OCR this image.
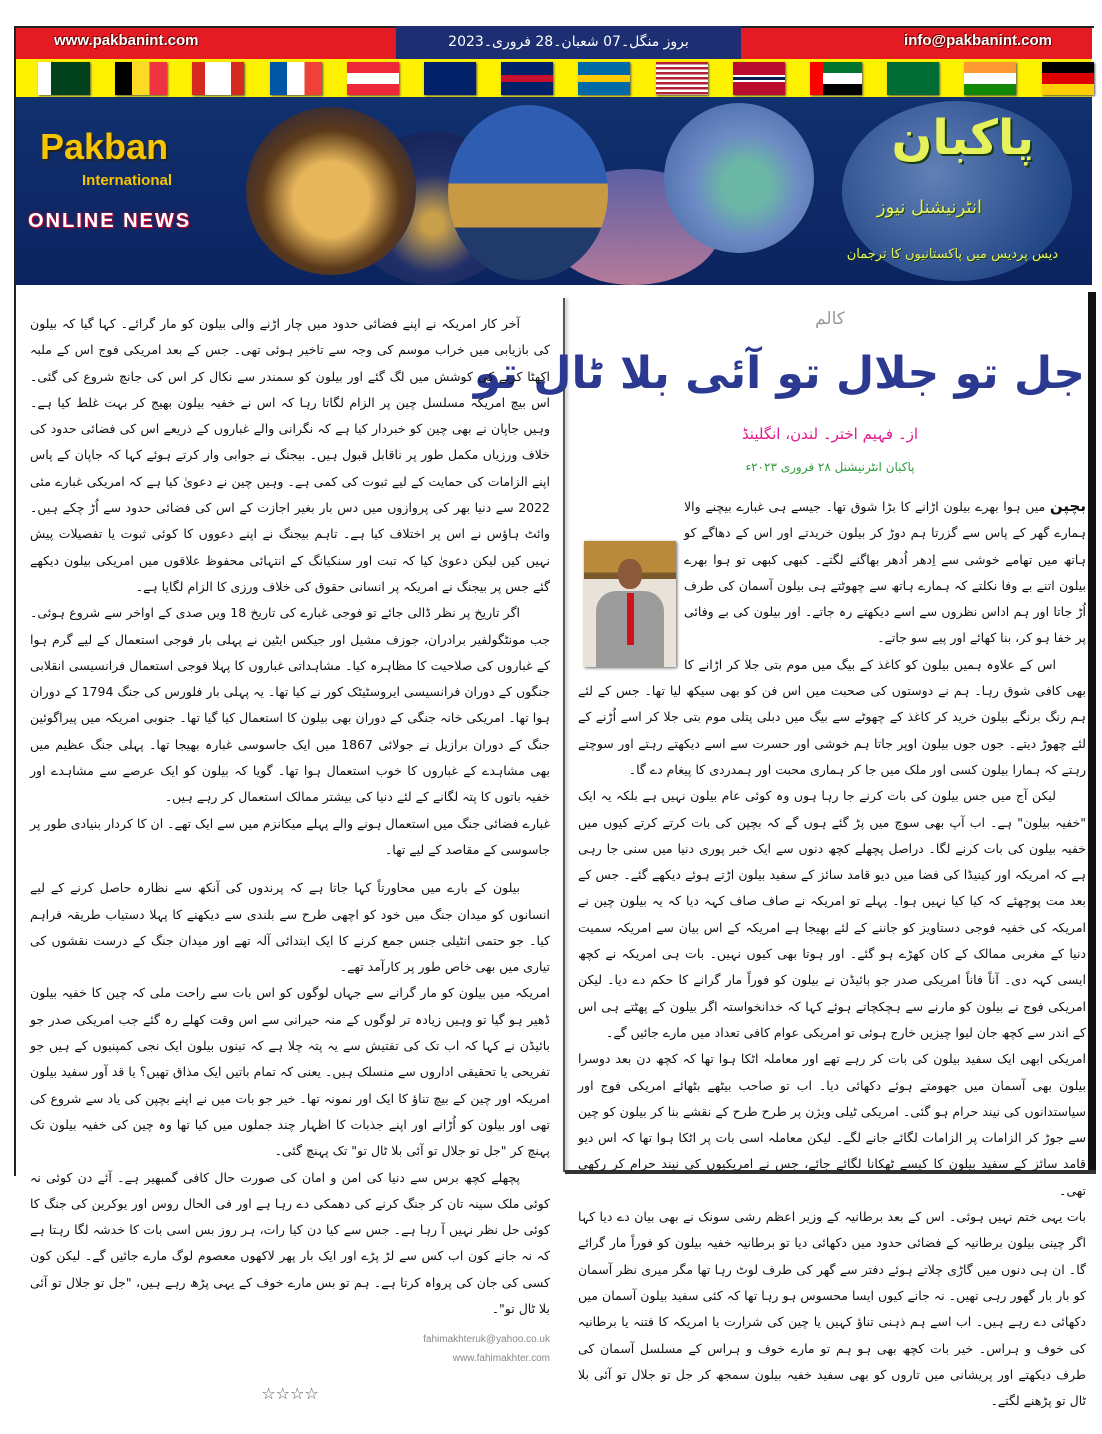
www.pakbanint.com	بروز منگل۔07 شعبان۔28 فروری۔2023	info@pakbanint.com
Pakban
International
ONLINE NEWS
پاکبان
انٹرنیشنل نیوز
دیس پردیس میں پاکستانیوں کا ترجمان
کالم
جل تو جلال تو آئی بلا ٹال تو
از۔ فہیم اختر۔ لندن، انگلینڈ
پاکبان انٹرنیشنل ۲۸ فروری ۲۰۲۳ء

بچپن میں ہوا بھرے بیلون اڑانے کا بڑا شوق تھا۔ جیسے ہی غبارے بیچنے والا ہمارے گھر کے پاس سے گزرتا ہم دوڑ کر بیلون خریدتے اور اس کے دھاگے کو ہاتھ میں تھامے خوشی سے اِدھر اُدھر بھاگنے لگتے۔ کبھی کبھی تو ہوا بھرے بیلون اتنے بے وفا نکلتے کہ ہمارے ہاتھ سے چھوٹتے ہی بیلون آسمان کی طرف اُڑ جاتا اور ہم اداس نظروں سے اسے دیکھتے رہ جاتے۔ اور بیلون کی بے وفائی پر خفا ہو کر، بنا کھائے اور پیے سو جاتے۔

اس کے علاوہ ہمیں بیلون کو کاغذ کے بیگ میں موم بتی جلا کر اڑانے کا بھی کافی شوق رہا۔ ہم نے دوستوں کی صحبت میں اس فن کو بھی سیکھ لیا تھا۔ جس کے لئے ہم رنگ برنگے بیلون خرید کر کاغذ کے چھوٹے سے بیگ میں دبلی پتلی موم بتی جلا کر اسے اُڑنے کے لئے چھوڑ دیتے۔ جوں جوں بیلون اوپر جاتا ہم خوشی اور حسرت سے اسے دیکھتے رہتے اور سوچتے رہتے کہ ہمارا بیلون کسی اور ملک میں جا کر ہماری محبت اور ہمدردی کا پیغام دے گا۔

لیکن آج میں جس بیلون کی بات کرنے جا رہا ہوں وہ کوئی عام بیلون نہیں ہے بلکہ یہ ایک "خفیہ بیلون" ہے۔ اب آپ بھی سوچ میں پڑ گئے ہوں گے کہ بچپن کی بات کرتے کرتے کیوں میں خفیہ بیلون کی بات کرنے لگا۔ دراصل پچھلے کچھ دنوں سے ایک خبر پوری دنیا میں سنی جا رہی ہے کہ امریکہ اور کینیڈا کی فضا میں دیو قامد سائز کے سفید بیلون اڑتے ہوئے دیکھے گئے۔ جس کے بعد مت پوچھئے کہ کیا کیا نہیں ہوا۔ پہلے تو امریکہ نے صاف صاف کہہ دیا کہ یہ بیلون چین نے امریکہ کی خفیہ فوجی دستاویز کو جاننے کے لئے بھیجا ہے امریکہ کے اس بیان سے امریکہ سمیت دنیا کے مغربی ممالک کے کان کھڑے ہو گئے۔ اور ہوتا بھی کیوں نہیں۔ بات ہی امریکہ نے کچھ ایسی کہہ دی۔ آناً فاناً امریکی صدر جو بائیڈن نے بیلون کو فوراً مار گرانے کا حکم دے دیا۔ لیکن امریکی فوج نے بیلون کو مارنے سے ہچکچاتے ہوئے کہا کہ خدانخواستہ اگر بیلون کے پھٹتے ہی اس کے اندر سے کچھ جان لیوا چیزیں خارج ہوئی تو امریکی عوام کافی تعداد میں مارے جائیں گے۔

امریکی ابھی ایک سفید بیلون کی بات کر رہے تھے اور معاملہ اٹکا ہوا تھا کہ کچھ دن بعد دوسرا بیلون بھی آسمان میں جھومتے ہوئے دکھائی دیا۔ اب تو صاحب بیٹھے بٹھائے امریکی فوج اور سیاستدانوں کی نیند حرام ہو گئی۔ امریکی ٹیلی ویژن پر طرح طرح کے نقشے بنا کر بیلون کو چین سے جوڑ کر الزامات پر الزامات لگائے جانے لگے۔ لیکن معاملہ اسی بات پر اٹکا ہوا تھا کہ اس دیو قامد سائز کے سفید بیلون کا کیسے ٹھکانا لگائے جائے، جس نے امریکیوں کی نیند حرام کر رکھی تھی۔

بات یہی ختم نہیں ہوئی۔ اس کے بعد برطانیہ کے وزیر اعظم رشی سونک نے بھی بیان دے دیا کہا اگر چینی بیلون برطانیہ کے فضائی حدود میں دکھائی دیا تو برطانیہ خفیہ بیلون کو فوراً مار گرائے گا۔ ان ہی دنوں میں گاڑی چلاتے ہوئے دفتر سے گھر کی طرف لوٹ رہا تھا مگر میری نظر آسمان کو بار بار گھور رہی تھیں۔ نہ جانے کیوں ایسا محسوس ہو رہا تھا کہ کئی سفید بیلون آسمان میں دکھائی دے رہے ہیں۔ اب اسے ہم ذہنی تناؤ کہیں یا چین کی شرارت یا امریکہ کا فتنہ یا برطانیہ کی خوف و ہراس۔ خیر بات کچھ بھی ہو ہم تو مارے خوف و ہراس کے مسلسل آسمان کی طرف دیکھتے اور پریشانی میں تاروں کو بھی سفید خفیہ بیلون سمجھ کر جل تو جلال تو آئی بلا ٹال تو پڑھنے لگتے۔

آخر کار امریکہ نے اپنے فضائی حدود میں چار اڑنے والی بیلون کو مار گرائے۔ کہا گیا کہ بیلون کی بازیابی میں خراب موسم کی وجہ سے تاخیر ہوئی تھی۔ جس کے بعد امریکی فوج اس کے ملبہ اکھٹا کرنے کی کوشش میں لگ گئے اور بیلون کو سمندر سے نکال کر اس کی جانچ شروع کی گئی۔ اس بیچ امریکہ مسلسل چین پر الزام لگاتا رہا کہ اس نے خفیہ بیلون بھیج کر بہت غلط کیا ہے۔ وہیں جاپان نے بھی چین کو خبردار کیا ہے کہ نگرانی والے غباروں کے ذریعے اس کی فضائی حدود کی خلاف ورزیاں مکمل طور پر ناقابل قبول ہیں۔ بیجنگ نے جوابی وار کرتے ہوئے کہا کہ جاپان کے پاس اپنے الزامات کی حمایت کے لیے ثبوت کی کمی ہے۔ وہیں چین نے دعویٰ کیا ہے کہ امریکی غبارے مئی 2022 سے دنیا بھر کی پروازوں میں دس بار بغیر اجازت کے اس کی فضائی حدود سے اُڑ چکے ہیں۔ وائٹ ہاؤس نے اس پر اختلاف کیا ہے۔ تاہم بیجنگ نے اپنے دعووں کا کوئی ثبوت یا تفصیلات پیش نہیں کیں لیکن دعویٰ کیا کہ تبت اور سنکیانگ کے انتہائی محفوظ علاقوں میں امریکی بیلون دیکھے گئے جس پر بیجنگ نے امریکہ پر انسانی حقوق کی خلاف ورزی کا الزام لگایا ہے۔

اگر تاریخ پر نظر ڈالی جائے تو فوجی غبارے کی تاریخ 18 ویں صدی کے اواخر سے شروع ہوئی۔ جب مونٹگولفیر برادران، جوزف مشیل اور جیکس ایٹین نے پہلی بار فوجی استعمال کے لیے گرم ہوا کے غباروں کی صلاحیت کا مظاہرہ کیا۔ مشاہداتی غباروں کا پہلا فوجی استعمال فرانسیسی انقلابی جنگوں کے دوران فرانسیسی ایروسٹیٹک کور نے کیا تھا۔ یہ پہلی بار فلورس کی جنگ 1794 کے دوران ہوا تھا۔ امریکی خانہ جنگی کے دوران بھی بیلون کا استعمال کیا گیا تھا۔ جنوبی امریکہ میں پیراگوئین جنگ کے دوران برازیل نے جولائی 1867 میں ایک جاسوسی غبارہ بھیجا تھا۔ پہلی جنگ عظیم میں بھی مشاہدے کے غباروں کا خوب استعمال ہوا تھا۔ گویا کہ بیلون کو ایک عرصے سے مشاہدے اور خفیہ باتوں کا پتہ لگانے کے لئے دنیا کی بیشتر ممالک استعمال کر رہے ہیں۔

غبارے فضائی جنگ میں استعمال ہونے والے پہلے میکانزم میں سے ایک تھے۔ ان کا کردار بنیادی طور پر جاسوسی کے مقاصد کے لیے تھا۔

بیلون کے بارے میں محاورتاً کہا جاتا ہے کہ پرندوں کی آنکھ سے نظارہ حاصل کرنے کے لیے انسانوں کو میدان جنگ میں خود کو اچھی طرح سے بلندی سے دیکھنے کا پہلا دستیاب طریقہ فراہم کیا۔ جو حتمی انٹیلی جنس جمع کرنے کا ایک ابتدائی آلہ تھے اور میدان جنگ کے درست نقشوں کی تیاری میں بھی خاص طور پر کارآمد تھے۔

امریکہ میں بیلون کو مار گرانے سے جہاں لوگوں کو اس بات سے راحت ملی کہ چین کا خفیہ بیلون ڈھیر ہو گیا تو وہیں زیادہ تر لوگوں کے منہ حیرانی سے اس وقت کھلے رہ گئے جب امریکی صدر جو بائیڈن نے کہا کہ اب تک کی تفتیش سے یہ پتہ چلا ہے کہ تینوں بیلون ایک نجی کمپنیوں کے ہیں جو تفریحی یا تحقیقی اداروں سے منسلک ہیں۔ یعنی کہ تمام باتیں ایک مذاق تھیں؟ یا قد آور سفید بیلون امریکہ اور چین کے بیچ تناؤ کا ایک اور نمونہ تھا۔ خیر جو بات میں نے اپنے بچپن کی یاد سے شروع کی تھی اور بیلون کو اُڑانے اور اپنے جذبات کا اظہار چند جملوں میں کیا تھا وہ چین کی خفیہ بیلون تک پہنچ کر "جل تو جلال تو آئی بلا ٹال تو" تک پہنچ گئی۔

پچھلے کچھ برس سے دنیا کی امن و امان کی صورت حال کافی گمبھیر ہے۔ آئے دن کوئی نہ کوئی ملک سینہ تان کر جنگ کرنے کی دھمکی دے رہا ہے اور فی الحال روس اور یوکرین کی جنگ کا کوئی حل نظر نہیں آ رہا ہے۔ جس سے کیا دن کیا رات، ہر روز بس اسی بات کا خدشہ لگا رہتا ہے کہ نہ جانے کون اب کس سے لڑ پڑے اور ایک بار پھر لاکھوں معصوم لوگ مارے جائیں گے۔ لیکن کون کسی کی جان کی پرواہ کرتا ہے۔ ہم تو بس مارے خوف کے یہی پڑھ رہے ہیں، "جل تو جلال تو آئی بلا ٹال تو"۔

fahimakhteruk@yahoo.co.uk
www.fahimakhter.com
☆☆☆☆
